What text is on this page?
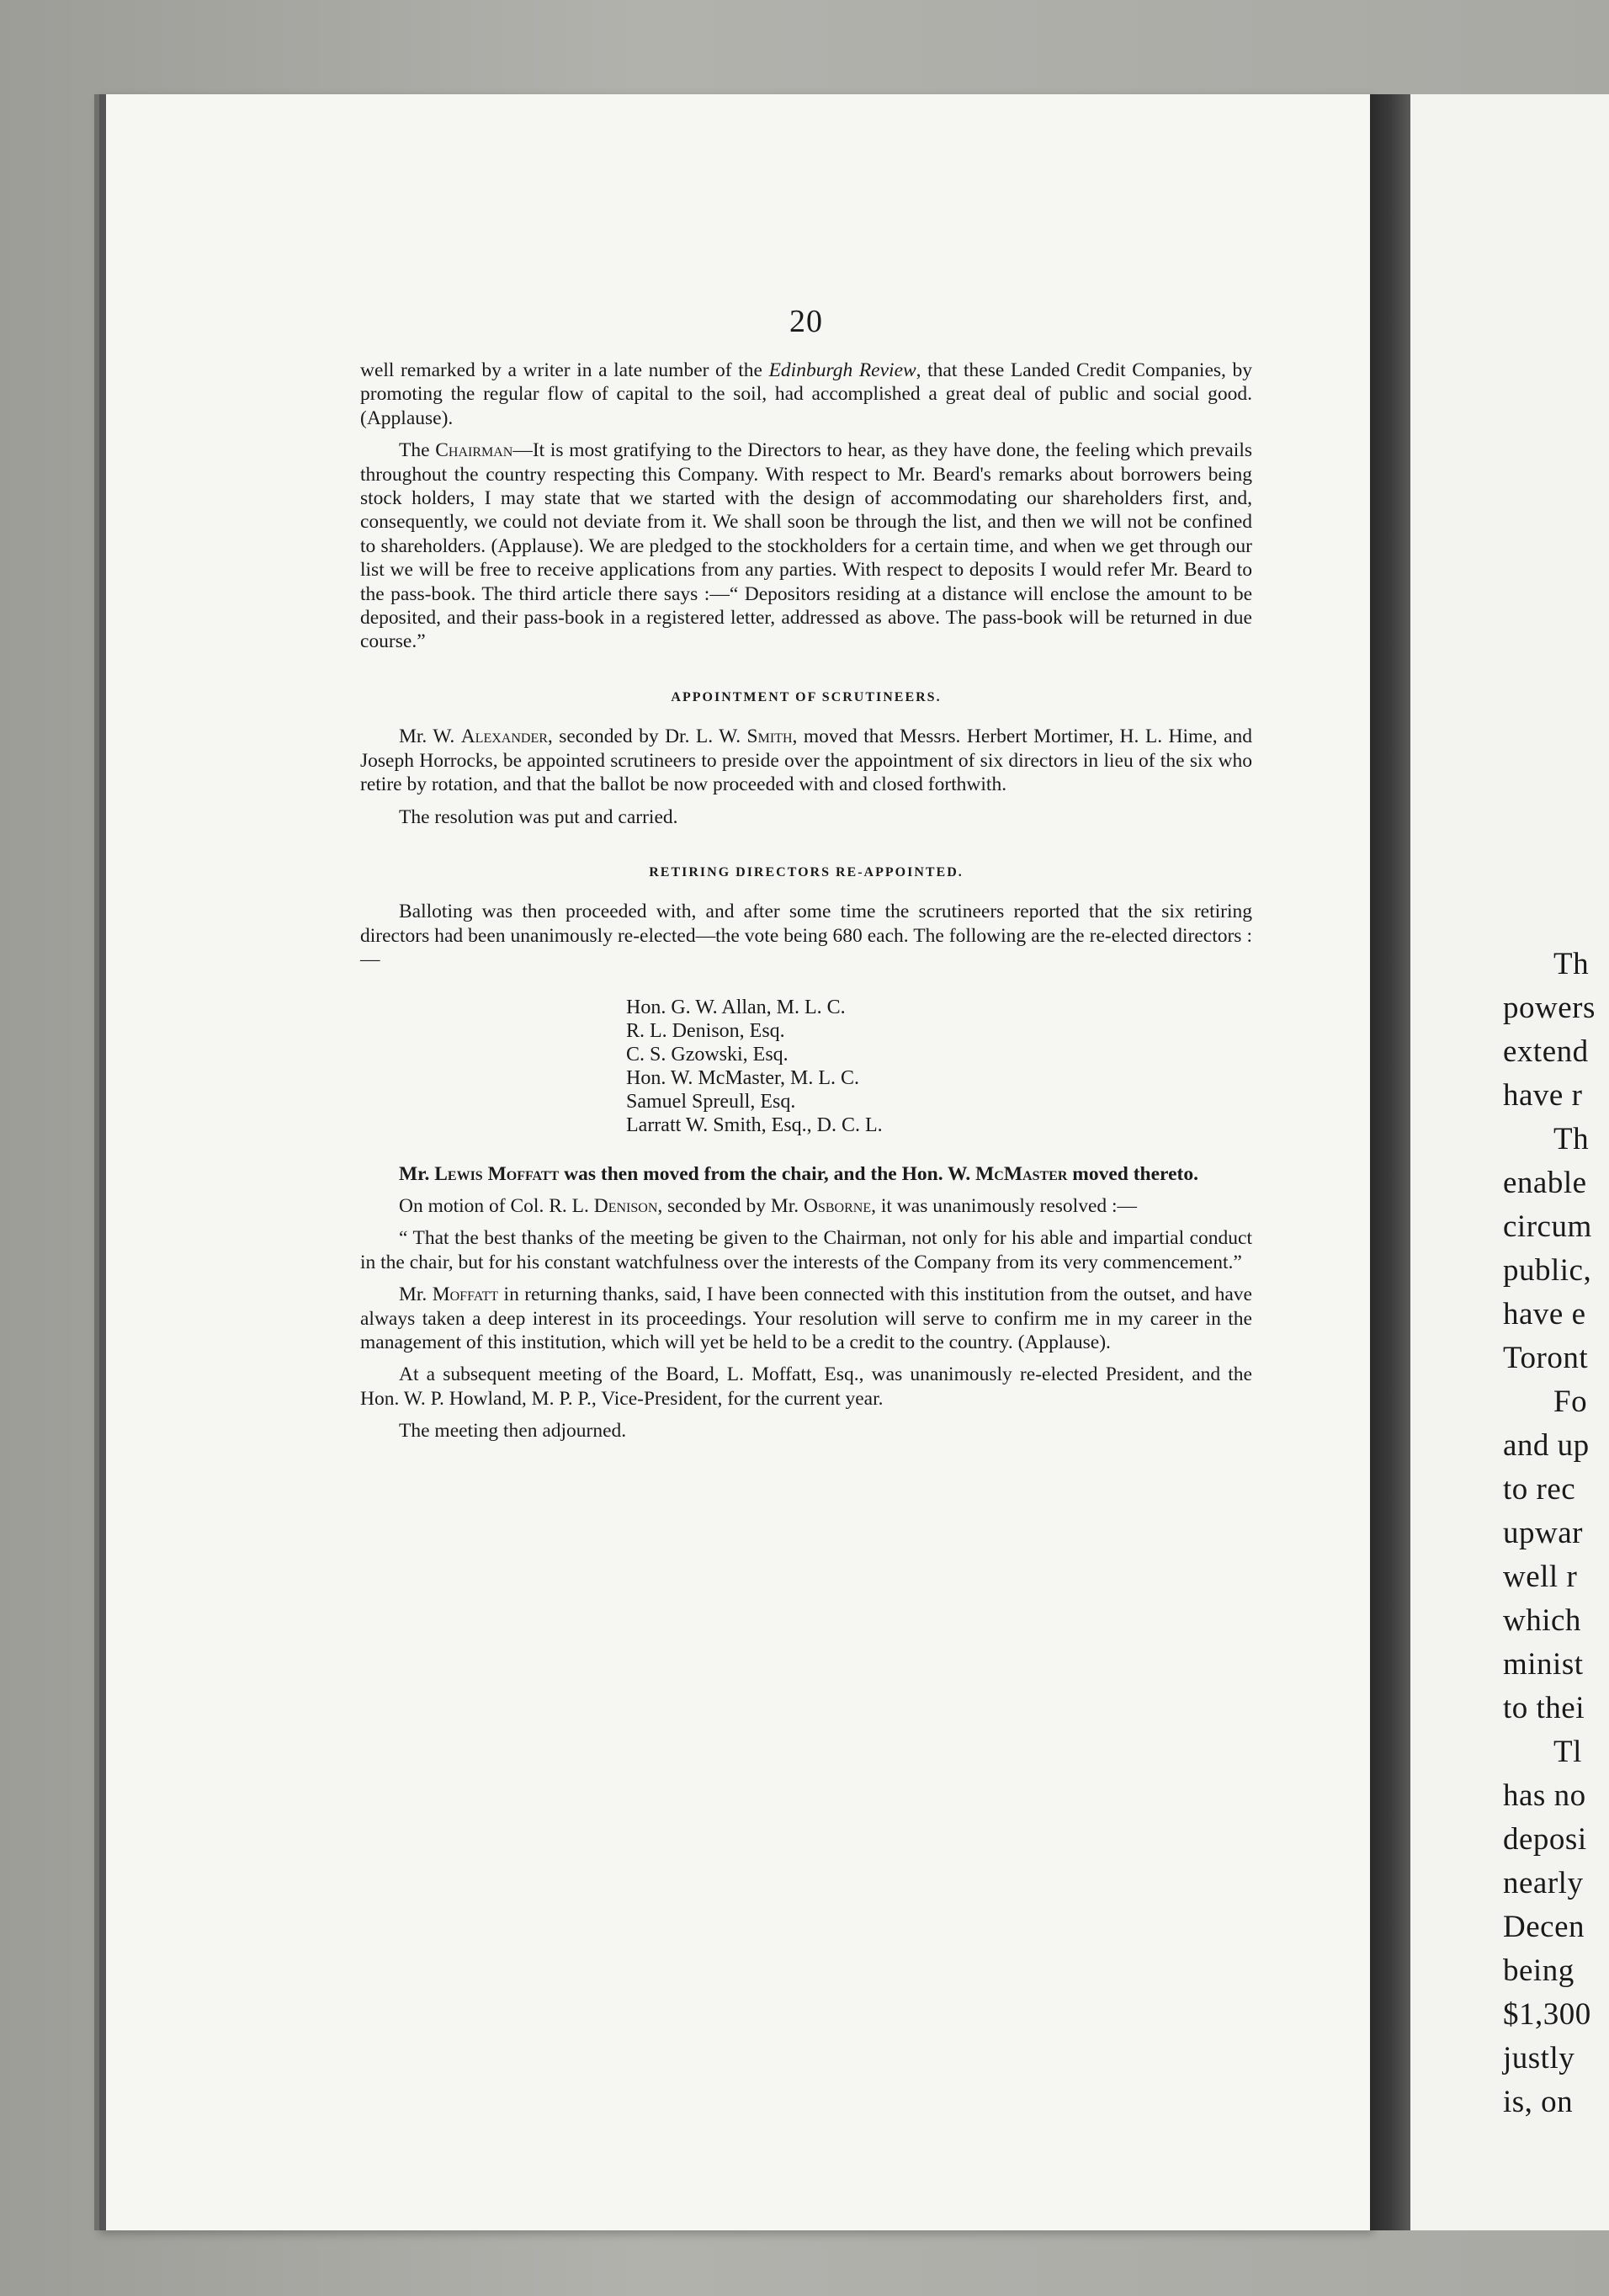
Th
powers
extend
have r
Th
enable
circum
public,
have e
Toront
Fo
and up
to rec
upwar
well r
which
minist
to thei
Tl
has no
deposi
nearly
Decen
being
$1,300
justly
is, on
20

well remarked by a writer in a late number of the Edinburgh Review, that these Landed Credit Companies, by promoting the regular flow of capital to the soil, had accomplished a great deal of public and social good. (Applause).

The Chairman—It is most gratifying to the Directors to hear, as they have done, the feeling which prevails throughout the country respecting this Company. With respect to Mr. Beard's remarks about borrowers being stock holders, I may state that we started with the design of accommodating our shareholders first, and, consequently, we could not deviate from it. We shall soon be through the list, and then we will not be confined to shareholders. (Applause). We are pledged to the stockholders for a certain time, and when we get through our list we will be free to receive applications from any parties. With respect to deposits I would refer Mr. Beard to the pass-book. The third article there says :—“ Depositors residing at a distance will enclose the amount to be deposited, and their pass-book in a registered letter, addressed as above. The pass-book will be returned in due course.”

APPOINTMENT OF SCRUTINEERS.

Mr. W. Alexander, seconded by Dr. L. W. Smith, moved that Messrs. Herbert Mortimer, H. L. Hime, and Joseph Horrocks, be appointed scrutineers to preside over the appointment of six directors in lieu of the six who retire by rotation, and that the ballot be now proceeded with and closed forthwith.

The resolution was put and carried.

RETIRING DIRECTORS RE-APPOINTED.

Balloting was then proceeded with, and after some time the scrutineers reported that the six retiring directors had been unanimously re-elected—the vote being 680 each. The following are the re-elected directors :—

Hon. G. W. Allan, M. L. C.
R. L. Denison, Esq.
C. S. Gzowski, Esq.
Hon. W. McMaster, M. L. C.
Samuel Spreull, Esq.
Larratt W. Smith, Esq., D. C. L.

Mr. Lewis Moffatt was then moved from the chair, and the Hon. W. McMaster moved thereto.

On motion of Col. R. L. Denison, seconded by Mr. Osborne, it was unanimously resolved :—

“ That the best thanks of the meeting be given to the Chairman, not only for his able and impartial conduct in the chair, but for his constant watchfulness over the interests of the Company from its very commencement.”

Mr. Moffatt in returning thanks, said, I have been connected with this institution from the outset, and have always taken a deep interest in its proceedings. Your resolution will serve to confirm me in my career in the management of this institution, which will yet be held to be a credit to the country. (Applause).

At a subsequent meeting of the Board, L. Moffatt, Esq., was unanimously re-elected President, and the Hon. W. P. Howland, M. P. P., Vice-President, for the current year.

The meeting then adjourned.
